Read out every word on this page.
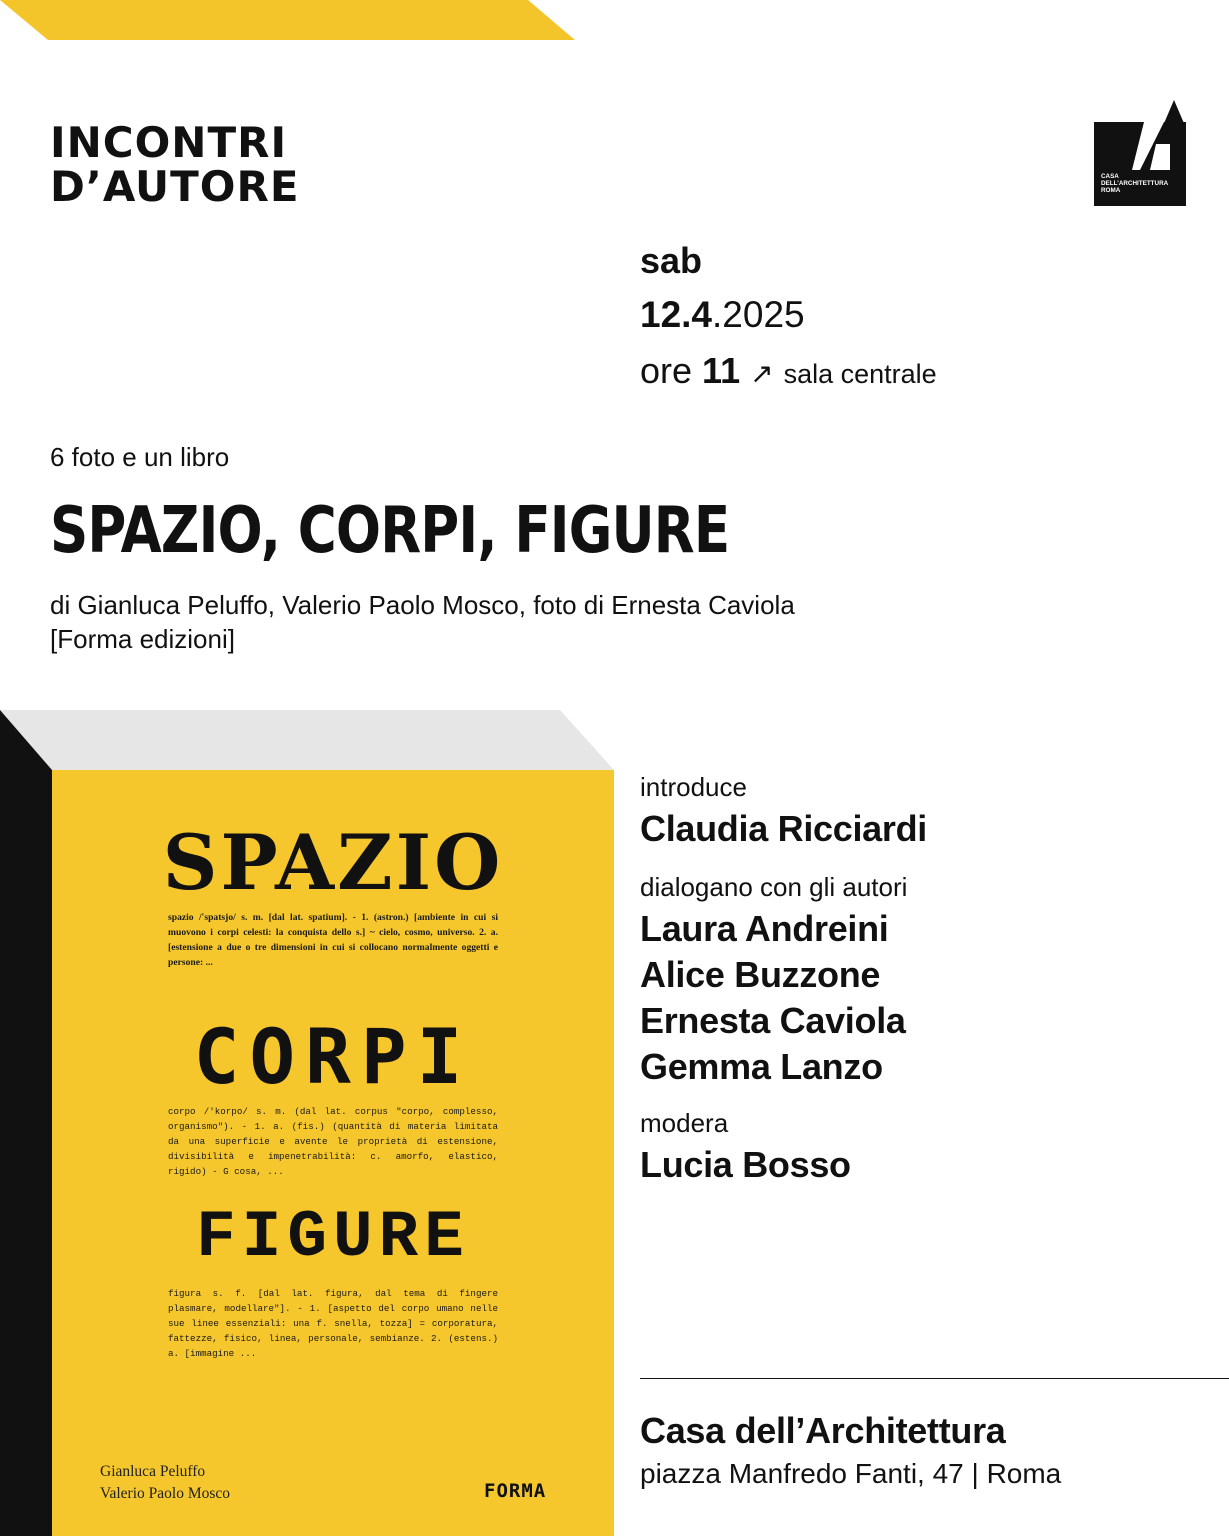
INCONTRI
D’AUTORE	CASA
DELL’ARCHITETTURA
ROMA
sab
12.4.2025
ore 11 ↗ sala centrale
6 foto e un libro
SPAZIO, CORPI, FIGURE
di Gianluca Peluffo, Valerio Paolo Mosco, foto di Ernesta Caviola
[Forma edizioni]
SPAZIO
spazio /'spatsjo/ s. m. [dal lat. spatium]. - 1. (astron.) [ambiente in cui si muovono i corpi celesti: la conquista dello s.] ~ cielo, cosmo, universo. 2. a. [estensione a due o tre dimensioni in cui si collocano normalmente oggetti e persone: ...
CORPI
corpo /'korpo/ s. m. (dal lat. corpus "corpo, complesso, organismo"). - 1. a. (fis.) (quantità di materia limitata da una superficie e avente le proprietà di estensione, divisibilità e impenetrabilità: c. amorfo, elastico, rigido) - G cosa, ...
FIGURE
figura s. f. [dal lat. figura, dal tema di fingere plasmare, modellare"]. - 1. [aspetto del corpo umano nelle sue linee essenziali: una f. snella, tozza] = corporatura, fattezze, fisico, linea, personale, sembianze. 2. (estens.) a. [immagine ...
Gianluca Peluffo
Valerio Paolo Mosco	FORMA
introduce
Claudia Ricciardi
dialogano con gli autori
Laura Andreini
Alice Buzzone
Ernesta Caviola
Gemma Lanzo
modera
Lucia Bosso
Casa dell’Architettura
piazza Manfredo Fanti, 47 | Roma
